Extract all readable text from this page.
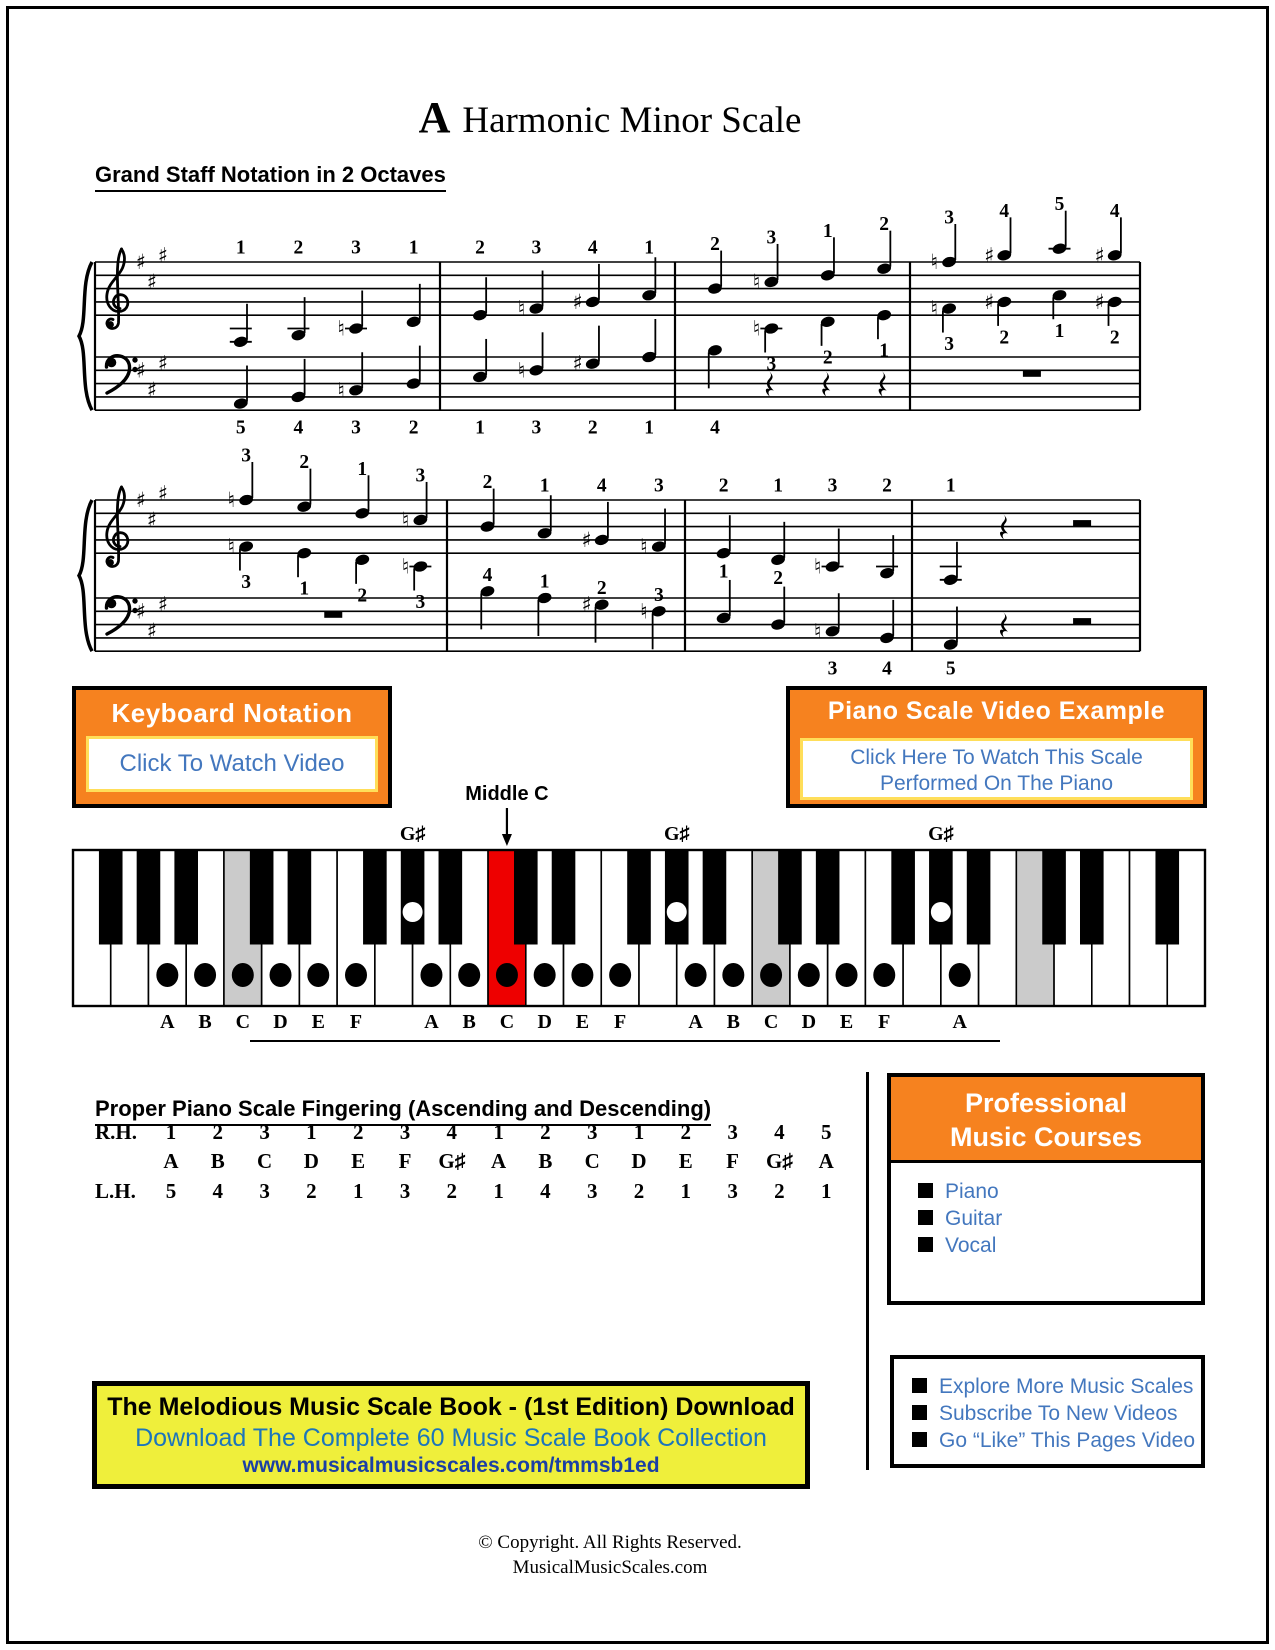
A Harmonic Minor Scale
Grand Staff Notation in 2 Octaves
♯
♯
♯
♯
♯
♯
1 2
♮
3 1
5 4
♮
3 2
2
♮
3
♯
4 1
1
♮
3
♯
2 1
2
♮
3 1 2
♮
3 2 1
4
♮
3
♯
4 5
♯
4
♮
3
♯
2 1
♯
2
♯
♯
♯
♯
♯
♯
♮
3 2 1
♮
3
♮
3 1 2
♮
3
2 1
♯
4
♮
3
4 1
♯
2
♮
3
2 1
♮
3 2
1 2
♮
3 4
1
5
Keyboard Notation
Click To Watch Video
Piano Scale Video Example
Click Here To Watch This Scale
Performed On The Piano
G♯	G♯	G♯
A B C D E F	A B C D E F	A B C D E F	A
Middle C
Proper Piano Scale Fingering (Ascending and Descending)
R.H. 1 2 3 1 2 3 4 1 2 3 1 2 3 4 5
A B C D E F G♯ A B C D E F G♯ A
L.H. 5 4 3 2 1 3 2 1 4 3 2 1 3 2 1
Professional
Music Courses
Piano
Guitar
Vocal
The Melodious Music Scale Book - (1st Edition) Download
Download The Complete 60 Music Scale Book Collection
www.musicalmusicscales.com/tmmsb1ed
Explore More Music Scales
Subscribe To New Videos
Go “Like” This Pages Video
© Copyright. All Rights Reserved.
MusicalMusicScales.com
